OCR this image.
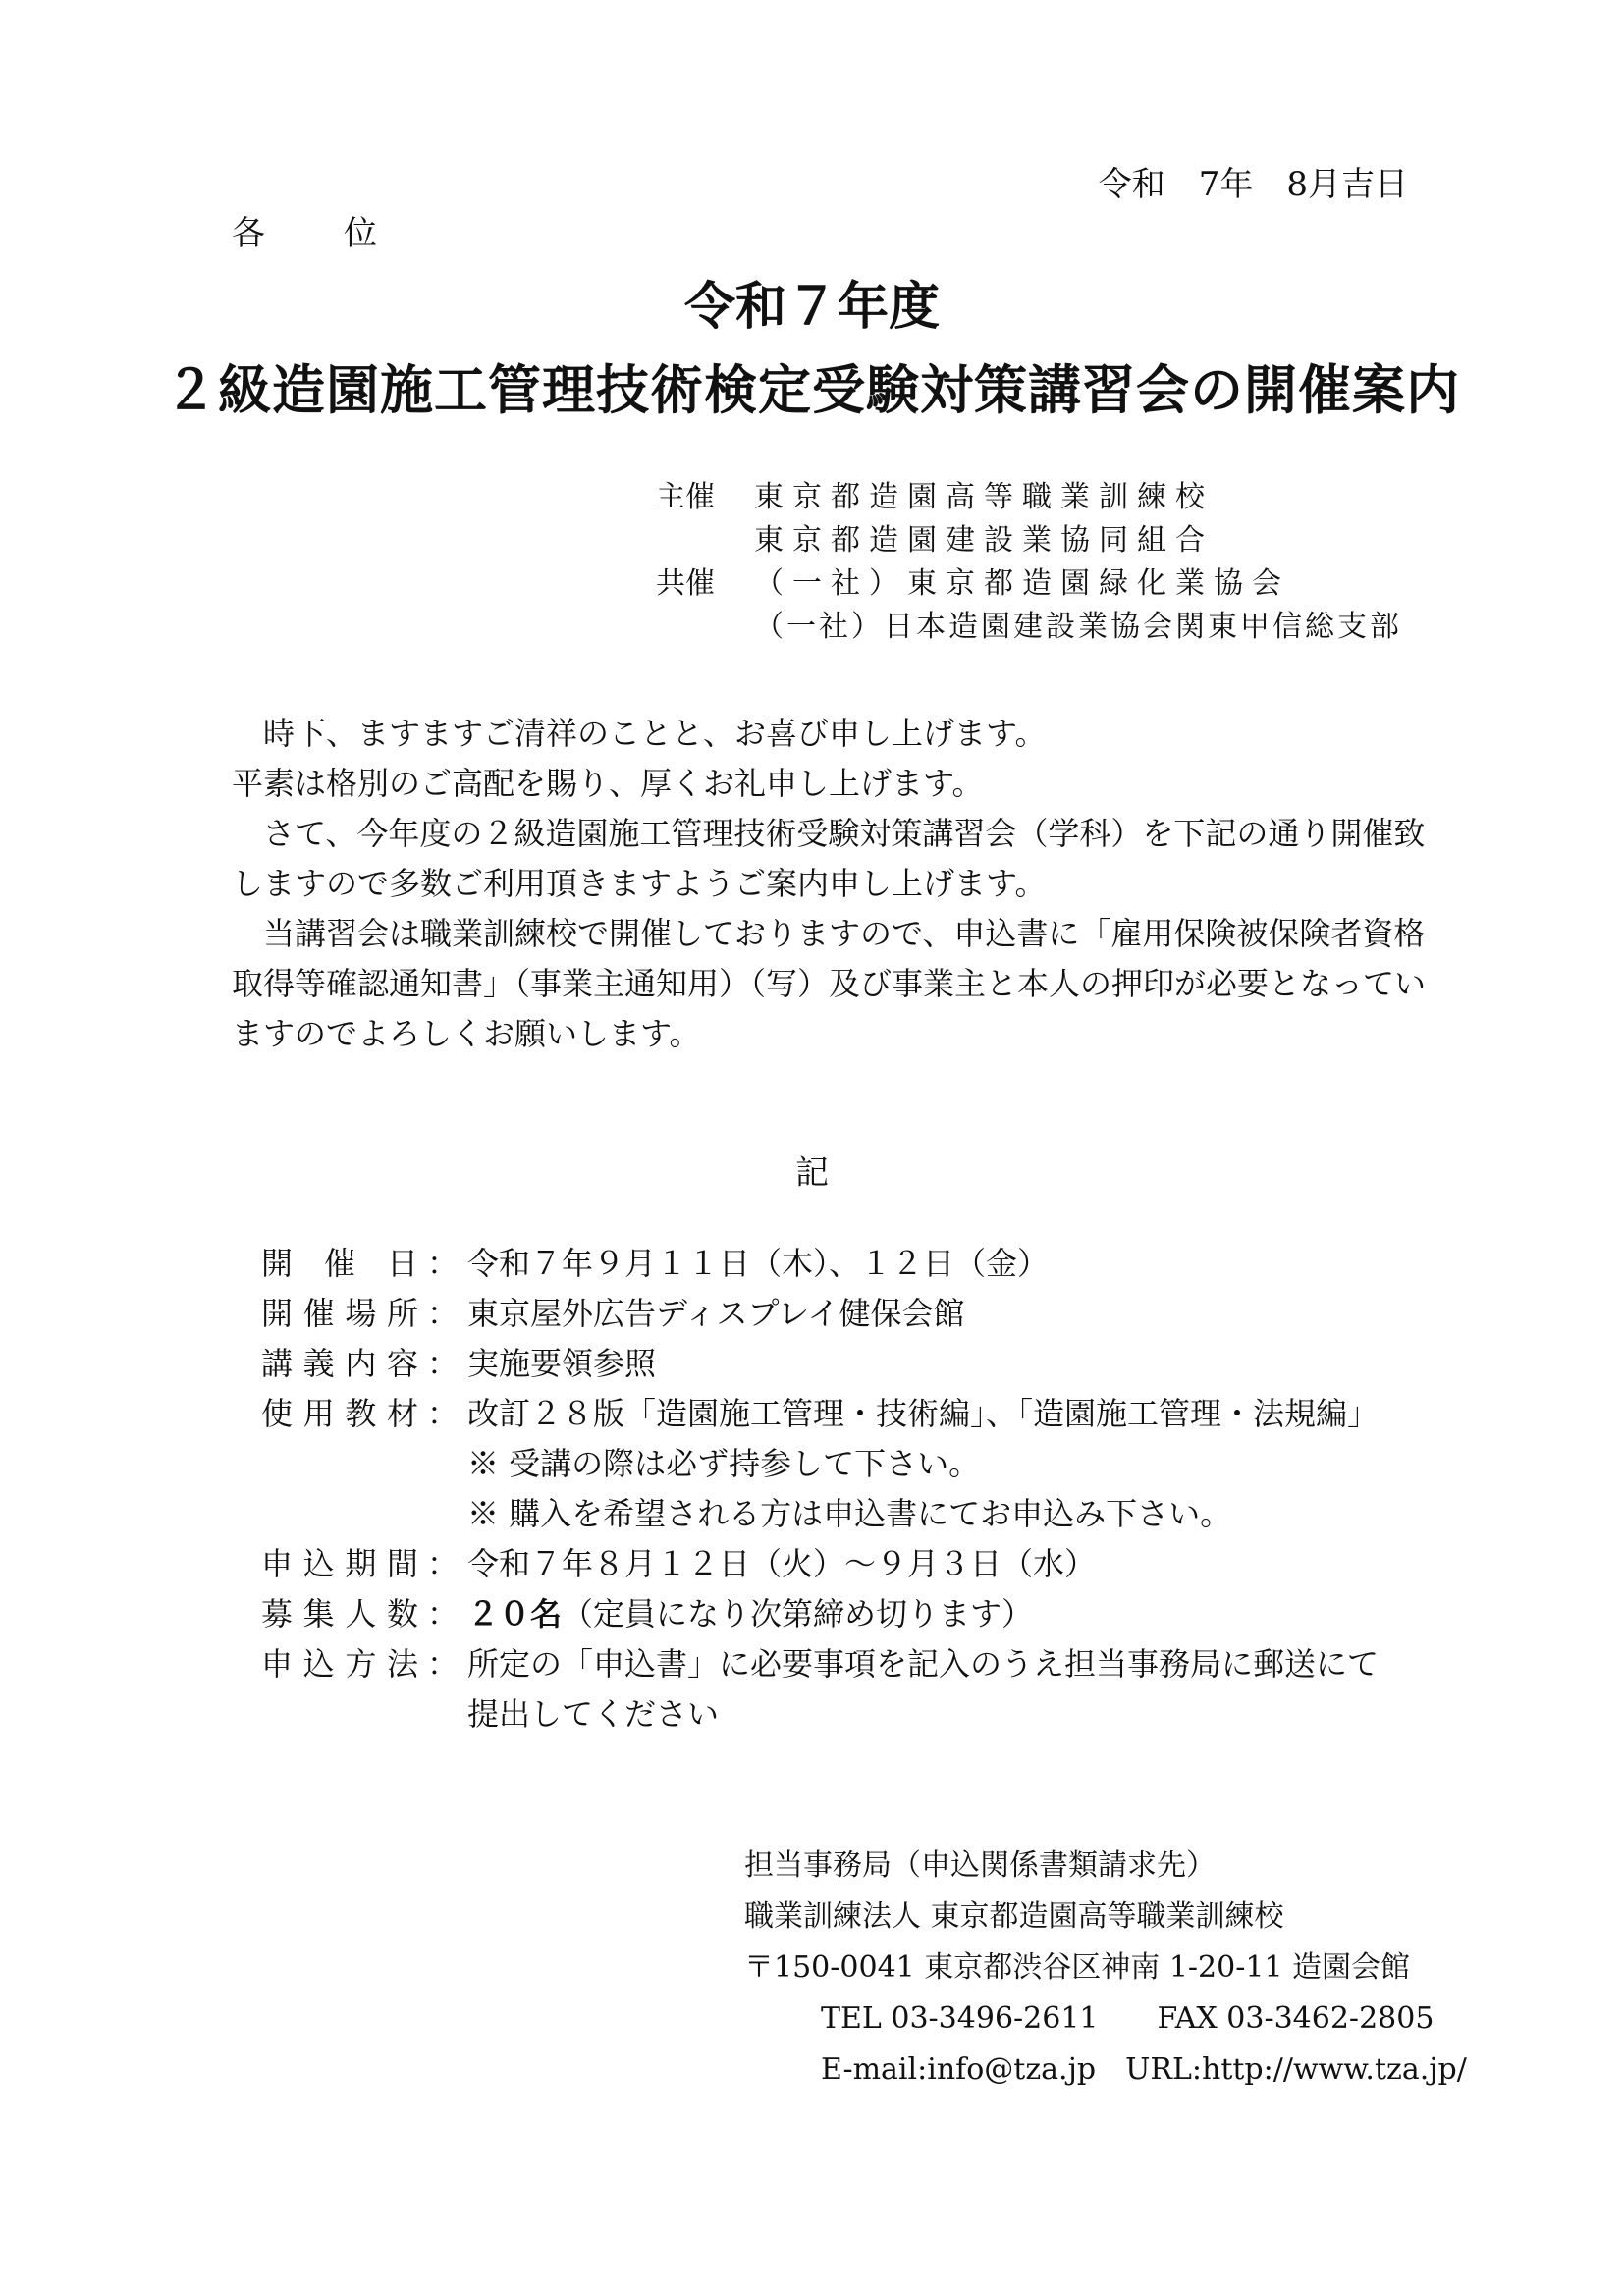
令和　7年　8月吉日
各 位
令和７年度
２級造園施工管理技術検定受験対策講習会の開催案内
主催	東京都造園高等職業訓練校
東京都造園建設業協同組合
共催	（一社）東京都造園緑化業協会
（一社）日本造園建設業協会関東甲信総支部

　時下、ますますご清祥のことと、お喜び申し上げます。

平素は格別のご高配を賜り、厚くお礼申し上げます。

　さて、今年度の２級造園施工管理技術受験対策講習会（学科）を下記の通り開催致しますので多数ご利用頂きますようご案内申し上げます。

　当講習会は職業訓練校で開催しておりますので、申込書に「雇用保険被保険者資格取得等確認通知書」（事業主通知用）（写）及び事業主と本人の押印が必要となっていますのでよろしくお願いします。

記
開催日 ： 令和７年９月１１日（木）、１２日（金）
開催場所 ： 東京屋外広告ディスプレイ健保会館
講義内容 ： 実施要領参照
使用教材 ： 改訂２８版「造園施工管理・技術編」、「造園施工管理・法規編」
※ 受講の際は必ず持参して下さい。
※ 購入を希望される方は申込書にてお申込み下さい。
申込期間 ： 令和７年８月１２日（火）～９月３日（水）
募集人数 ： ２０名（定員になり次第締め切ります）
申込方法 ： 所定の「申込書」に必要事項を記入のうえ担当事務局に郵送にて
提出してください
担当事務局（申込関係書類請求先）
職業訓練法人 東京都造園高等職業訓練校
〒150-0041 東京都渋谷区神南 1-20-11 造園会館
TEL 03-3496-2611　　FAX 03-3462-2805
E-mail:info@tza.jp　URL:http://www.tza.jp/
